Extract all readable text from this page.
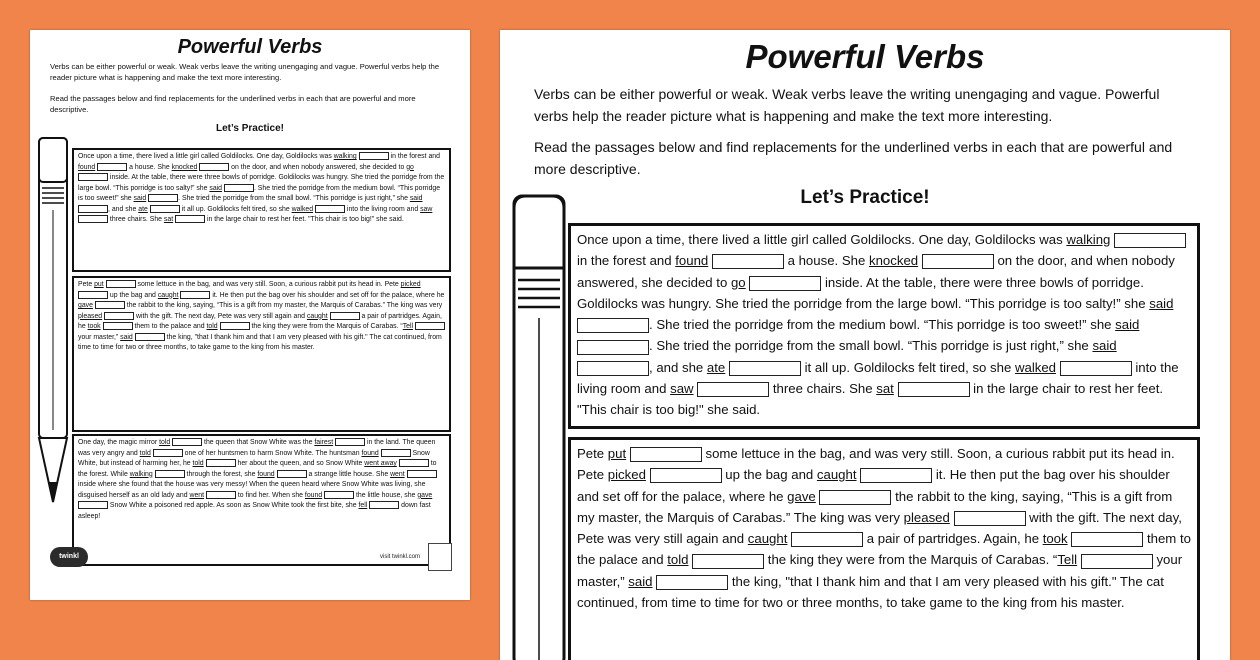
Powerful Verbs
Verbs can be either powerful or weak. Weak verbs leave the writing unengaging and vague. Powerful verbs help the reader picture what is happening and make the text more interesting.
Read the passages below and find replacements for the underlined verbs in each that are powerful and more descriptive.
Let’s Practice!
Once upon a time, there lived a little girl called Goldilocks. One day, Goldilocks was walking	in the forest and found	a house. She knocked	on the door, and when nobody answered, she decided to go  inside. At the table, there were three bowls of porridge. Goldilocks was hungry. She tried the porridge from the large bowl. “This porridge is too salty!” she said	. She tried the porridge from the medium bowl. “This porridge is too sweet!” she said	. She tried the porridge from the small bowl. “This porridge is just right,” she said , and she ate	it all up. Goldilocks felt tired, so she walked	into the living room and saw  three chairs. She sat	in the large chair to rest her feet. "This chair is too big!" she said.
Pete put	some lettuce in the bag, and was very still. Soon, a curious rabbit put its head in. Pete picked  up the bag and caught	it. He then put the bag over his shoulder and set off for the palace, where he gave	the rabbit to the king, saying, “This is a gift from my master, the Marquis of Carabas.” The king was very pleased	with the gift. The next day, Pete was very still again and caught	a pair of partridges. Again, he took	them to the palace and told	the king they were from the Marquis of Carabas. “Tell  your master,” said	the king, "that I thank him and that I am very pleased with his gift." The cat continued, from time to time for two or three months, to take game to the king from his master.
One day, the magic mirror told	the queen that Snow White was the fairest	in the land. The queen was very angry and told	one of her huntsmen to harm Snow White. The huntsman found	Snow White, but instead of harming her, he told	her about the queen, and so Snow White went away	to the forest. While walking	through the forest, she found	a strange little house. She went  inside where she found that the house was very messy! When the queen heard where Snow White was living, she disguised herself as an old lady and went	to find her. When she found	the little house, she gave  Snow White a poisoned red apple. As soon as Snow White took the first bite, she fell	down fast asleep!
twinkl	visit twinkl.com
Powerful Verbs
Verbs can be either powerful or weak. Weak verbs leave the writing unengaging and vague. Powerful verbs help the reader picture what is happening and make the text more interesting.
Read the passages below and find replacements for the underlined verbs in each that are powerful and more descriptive.
Let’s Practice!
Once upon a time, there lived a little girl called Goldilocks. One day, Goldilocks was walking  in the forest and found	a house. She knocked	on the door, and when nobody answered, she decided to go	inside. At the table, there were three bowls of porridge. Goldilocks was hungry. She tried the porridge from the large bowl. “This porridge is too salty!” she said . She tried the porridge from the medium bowl. “This porridge is too sweet!” she said . She tried the porridge from the small bowl. “This porridge is just right,” she said , and she ate	it all up. Goldilocks felt tired, so she walked	into the living room and saw	three chairs. She sat	in the large chair to rest her feet. "This chair is too big!" she said.
Pete put	some lettuce in the bag, and was very still. Soon, a curious rabbit put its head in. Pete picked	up the bag and caught	it. He then put the bag over his shoulder and set off for the palace, where he gave	the rabbit to the king, saying, “This is a gift from my master, the Marquis of Carabas.” The king was very pleased	with the gift. The next day, Pete was very still again and caught	a pair of partridges. Again, he took	them to the palace and told	the king they were from the Marquis of Carabas. “Tell	your master,” said	the king, "that I thank him and that I am very pleased with his gift." The cat continued, from time to time for two or three months, to take game to the king from his master.
